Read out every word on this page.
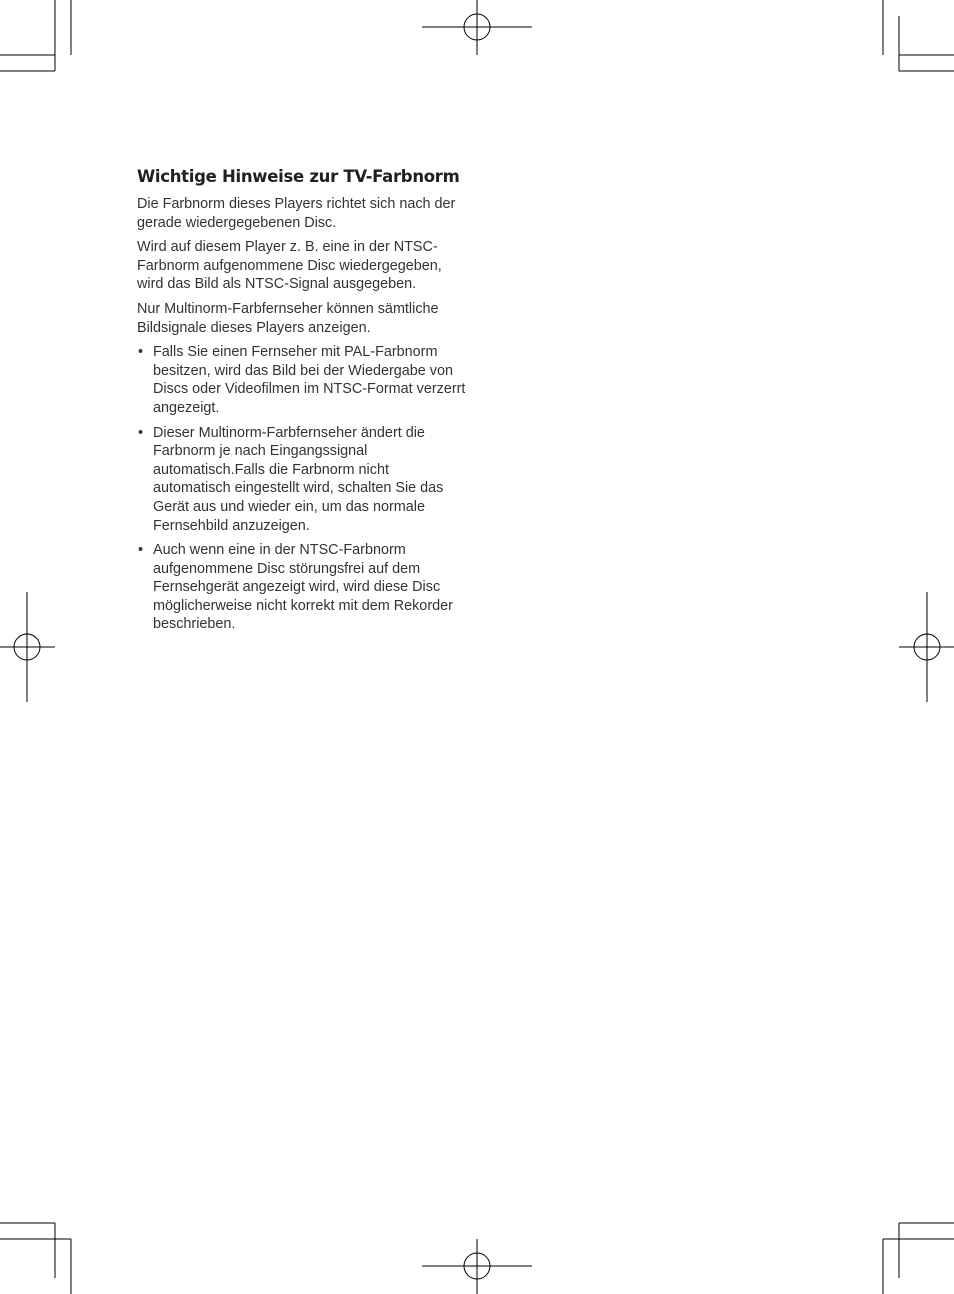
Wichtige Hinweise zur TV-Farbnorm

Die Farbnorm dieses Players richtet sich nach der gerade wiedergegebenen Disc.

Wird auf diesem Player z. B. eine in der NTSC-Farbnorm aufgenommene Disc wiedergegeben, wird das Bild als NTSC-Signal ausgegeben.

Nur Multinorm-Farbfernseher können sämtliche Bildsignale dieses Players anzeigen.

• Falls Sie einen Fernseher mit PAL-Farbnorm besitzen, wird das Bild bei der Wiedergabe von Discs oder Videofilmen im NTSC-Format verzerrt angezeigt.
• Dieser Multinorm-Farbfernseher ändert die Farbnorm je nach Eingangssignal automatisch.Falls die Farbnorm nicht automatisch eingestellt wird, schalten Sie das Gerät aus und wieder ein, um das normale Fernsehbild anzuzeigen.
• Auch wenn eine in der NTSC-Farbnorm aufgenommene Disc störungsfrei auf dem Fernsehgerät angezeigt wird, wird diese Disc möglicherweise nicht korrekt mit dem Rekorder beschrieben.
